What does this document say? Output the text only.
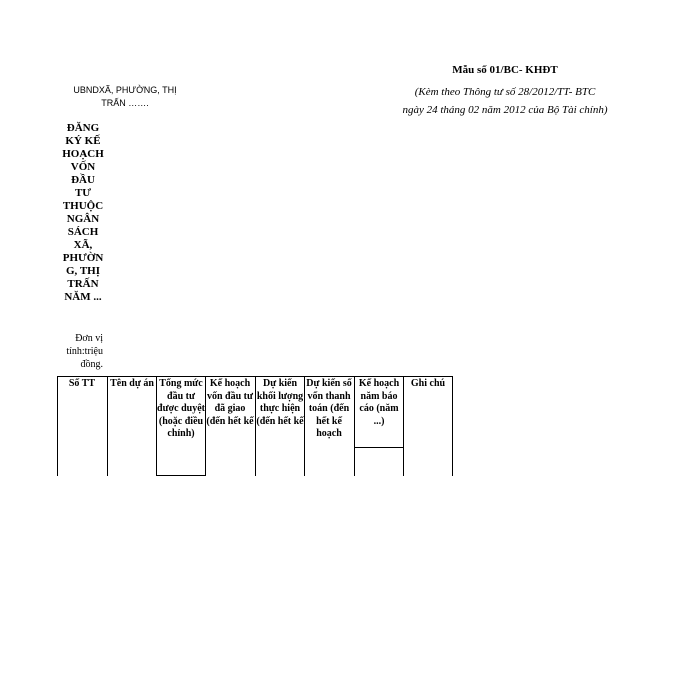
Mẫu số 01/BC- KHĐT
(Kèm theo Thông tư số 28/2012/TT- BTC
ngày 24 tháng 02 năm 2012 của Bộ Tài chính)
UBNDXÃ, PHƯỜNG, THỊ TRẤN …….
ĐĂNG KÝ KẾ HOẠCH VỐN ĐẦU TƯ THUỘC NGÂN SÁCH XÃ, PHƯỜNG, THỊ TRẤN NĂM ...
Đơn vị tính:triệu đồng.
Số TT	Tên dự án Tổng mức đầu tư được duyệt (hoặc điều chỉnh)
Kế hoạch vốn đầu tư đã giao (đến hết kế
Dự kiến khối lượng thực hiện (đến hết kế
Dự kiến số vốn thanh toán (đến hết kế hoạch
Kế hoạch năm báo cáo (năm ...)
Ghi chú
